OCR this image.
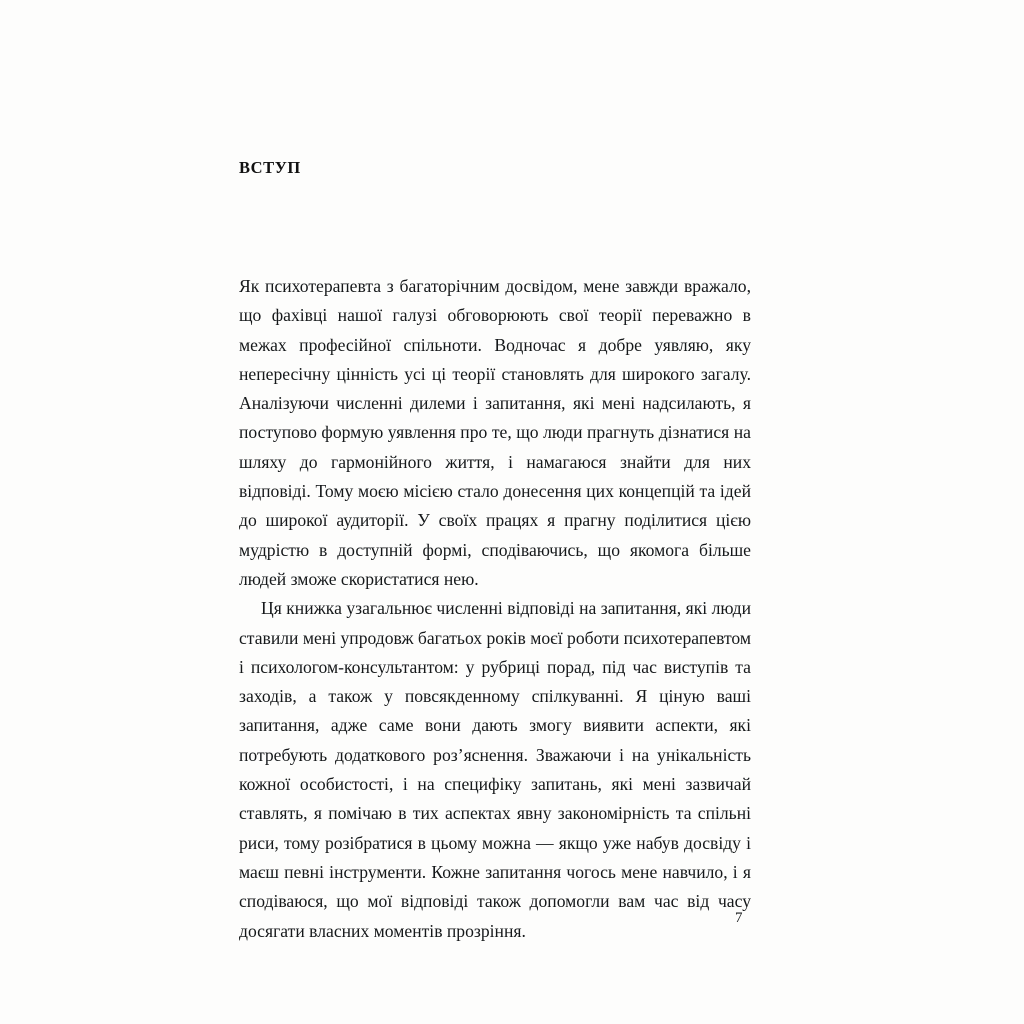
ВСТУП

Як психотерапевта з багаторічним досвідом, мене завжди вражало, що фахівці нашої галузі обговорюють свої теорії переважно в межах професійної спільноти. Водночас я добре уявляю, яку непересічну цінність усі ці теорії становлять для широкого загалу. Аналізуючи численні дилеми і запитання, які мені надсилають, я поступово формую уявлення про те, що люди прагнуть дізнатися на шляху до гармонійного життя, і намагаюся знайти для них відповіді. Тому моєю місією стало донесення цих концепцій та ідей до широкої аудиторії. У своїх працях я прагну поділитися цією мудрістю в доступній формі, сподіваючись, що якомога більше людей зможе скористатися нею.

Ця книжка узагальнює численні відповіді на запитання, які люди ставили мені упродовж багатьох років моєї роботи психотерапевтом і психологом-консультантом: у рубриці порад, під час виступів та заходів, а також у повсякденному спілкуванні. Я ціную ваші запитання, адже саме вони дають змогу виявити аспекти, які потребують додаткового роз’яснення. Зважаючи і на унікальність кожної особистості, і на специфіку запитань, які мені зазвичай ставлять, я помічаю в тих аспектах явну закономірність та спільні риси, тому розібратися в цьому можна — якщо уже набув досвіду і маєш певні інструменти. Кожне запитання чогось мене навчило, і я сподіваюся, що мої відповіді також допомогли вам час від часу досягати власних моментів прозріння.

7
